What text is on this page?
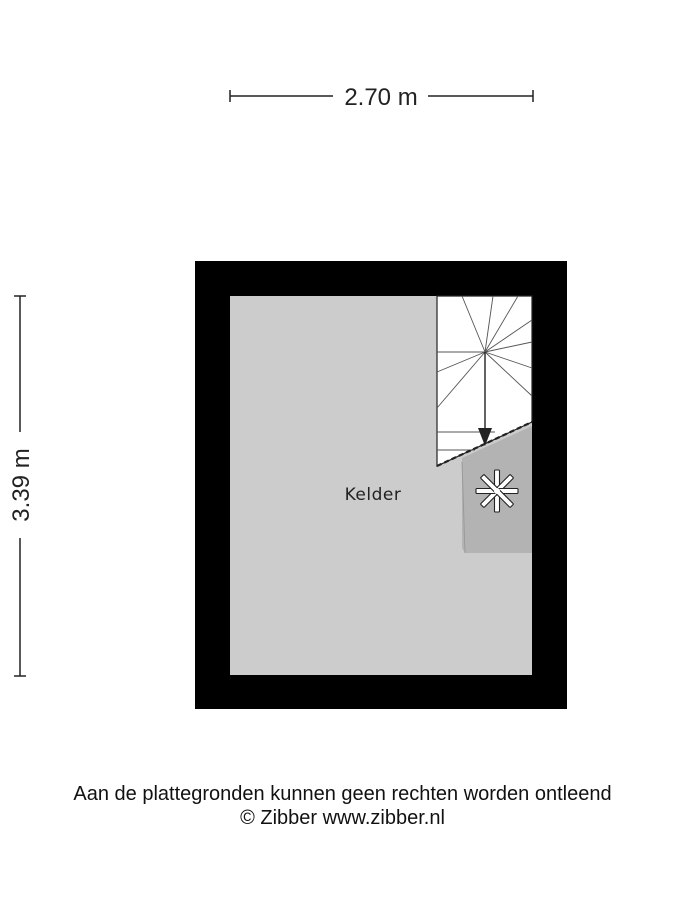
2.70 m
3.39 m	Kelder
Aan de plattegronden kunnen geen rechten worden ontleend
© Zibber www.zibber.nl
